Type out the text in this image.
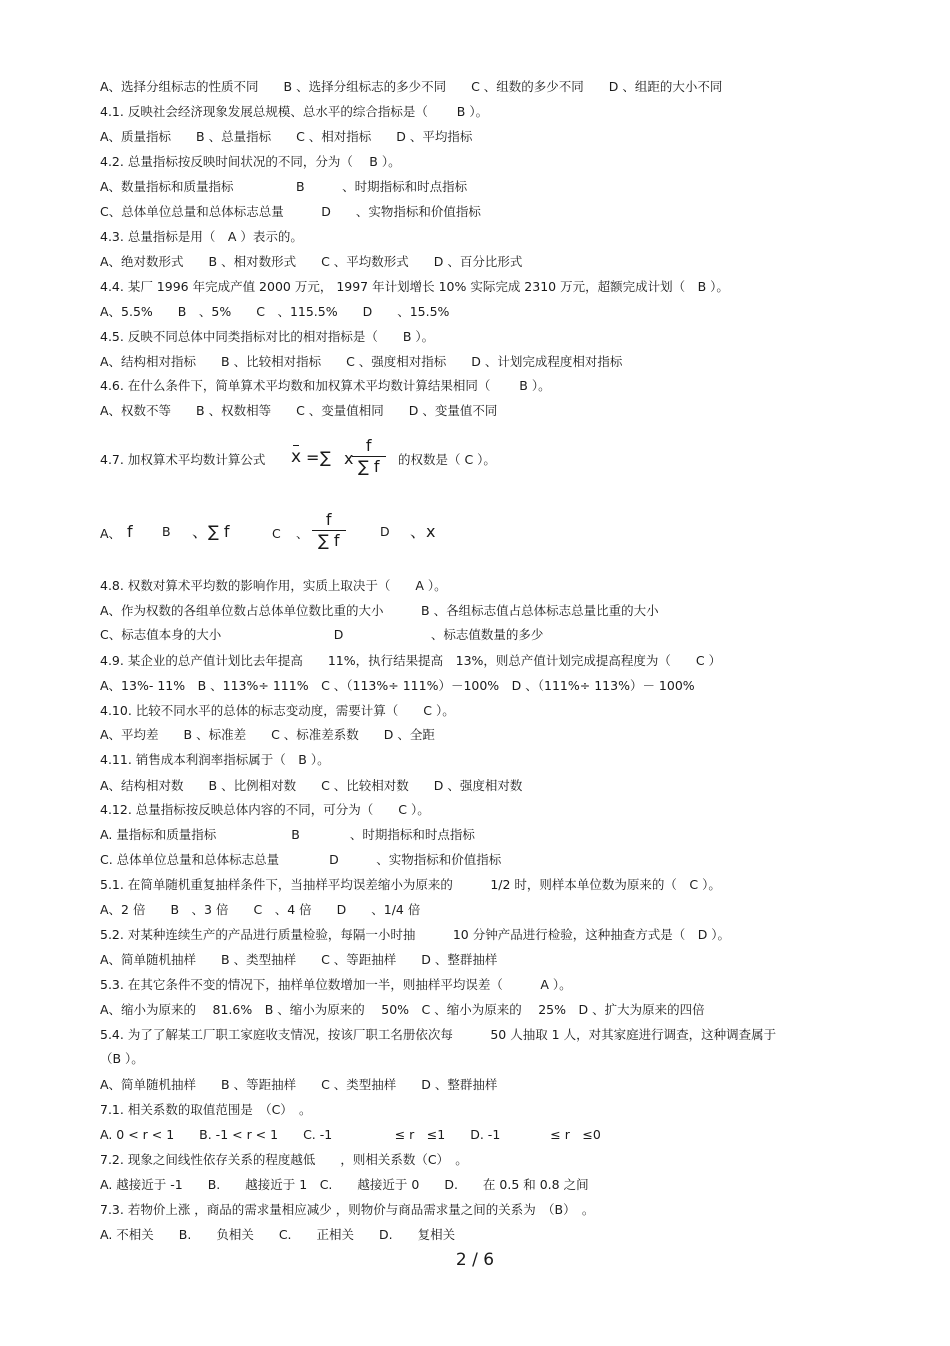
A、选择分组标志的性质不同　　B 、选择分组标志的多少不同　　C 、组数的多少不同　　D 、组距的大小不同
4.1. 反映社会经济现象发展总规模、总水平的综合指标是（　　 B ）。
A、质量指标　　B 、总量指标　　C 、相对指标　　D 、平均指标
4.2. 总量指标按反映时间状况的不同，分为（　 B ）。
A、数量指标和质量指标　　　　　B　　　、时期指标和时点指标
C、总体单位总量和总体标志总量　　　D　　、实物指标和价值指标
4.3. 总量指标是用（　A ）表示的。
A、绝对数形式　　B 、相对数形式　　C 、平均数形式　　D 、百分比形式
4.4. 某厂 1996 年完成产值 2000 万元， 1997 年计划增长 10% 实际完成 2310 万元，超额完成计划（　B ）。
A、5.5%　　B　、5%　　C　、115.5%　　D　　、15.5%
4.5. 反映不同总体中同类指标对比的相对指标是（　　B ）。
A、结构相对指标　　B 、比较相对指标　　C 、强度相对指标　　D 、计划完成程度相对指标
4.6. 在什么条件下，简单算术平均数和加权算术平均数计算结果相同（　　 B ）。
A、权数不等　　B 、权数相等　　C 、变量值相同　　D 、变量值不同
4.7. 加权算术平均数计算公式 x = ∑ x
f
∑ f	的权数是（ C ）。
A、 f B 、∑ f	C 、
f
∑ f	D 、x
4.8. 权数对算术平均数的影响作用，实质上取决于（　　A ）。
A、作为权数的各组单位数占总体单位数比重的大小　　　B 、各组标志值占总体标志总量比重的大小
C、标志值本身的大小　　　　　　　　　D　　　　　　　、标志值数量的多少
4.9. 某企业的总产值计划比去年提高　　11%，执行结果提高　13%，则总产值计划完成提高程度为（　　C ）
A、13%- 11%　B 、113%÷ 111%　C 、（113%÷ 111%）－100%　D 、（111%÷ 113%）－ 100%
4.10. 比较不同水平的总体的标志变动度，需要计算（　　C ）。
A、平均差　　B 、标准差　　C 、标准差系数　　D 、全距
4.11. 销售成本利润率指标属于（　B ）。
A、结构相对数　　B 、比例相对数　　C 、比较相对数　　D 、强度相对数
4.12. 总量指标按反映总体内容的不同，可分为（　　C ）。
A. 量指标和质量指标　　　　　　B　　　　、时期指标和时点指标
C. 总体单位总量和总体标志总量　　　　D　　　、实物指标和价值指标
5.1. 在简单随机重复抽样条件下，当抽样平均误差缩小为原来的　　　1/2 时，则样本单位数为原来的（　C ）。
A、2 倍　　B　、3 倍　　C　、4 倍　　D　　、1/4 倍
5.2. 对某种连续生产的产品进行质量检验，每隔一小时抽　　　10 分钟产品进行检验，这种抽查方式是（　D ）。
A、简单随机抽样　　B 、类型抽样　　C 、等距抽样　　D 、整群抽样
5.3. 在其它条件不变的情况下，抽样单位数增加一半，则抽样平均误差（　　　A ）。
A、缩小为原来的　 81.6%　B 、缩小为原来的　 50%　C 、缩小为原来的　 25%　D 、扩大为原来的四倍
5.4. 为了了解某工厂职工家庭收支情况，按该厂职工名册依次每　　　50 人抽取 1 人，对其家庭进行调查，这种调查属于
（B ）。
A、简单随机抽样　　B 、等距抽样　　C 、类型抽样　　D 、整群抽样
7.1. 相关系数的取值范围是　（C）　。
A. 0 < r < 1　　B. -1 < r < 1　　C. -1　　　　　≤ r　≤1　　D. -1　　　　≤ r　≤0
7.2. 现象之间线性依存关系的程度越低　　，则相关系数（C）　。
A. 越接近于 -1　　B.　　越接近于 1　C.　　越接近于 0　　D.　　在 0.5 和 0.8 之间
7.3. 若物价上涨 ，商品的需求量相应减少 ，则物价与商品需求量之间的关系为　（B）　。
A. 不相关　　B.　　负相关　　C.　　正相关　　D.　　复相关
2 / 6
